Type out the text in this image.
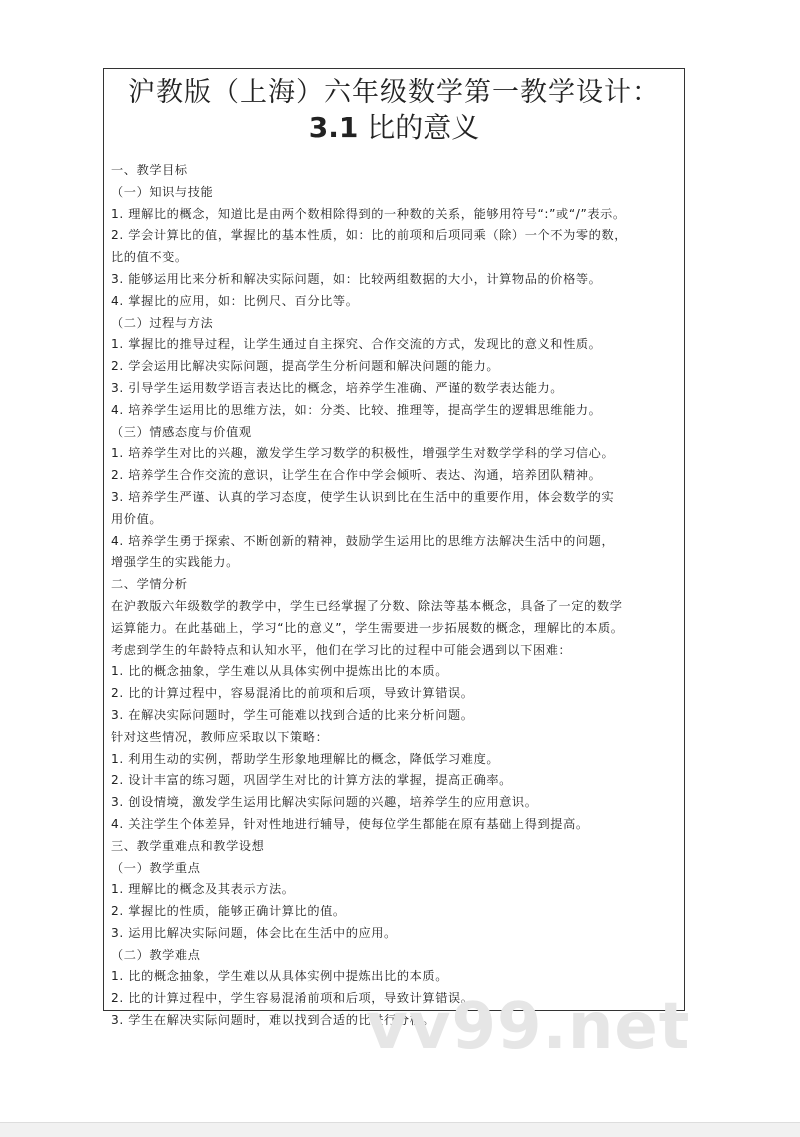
沪教版（上海）六年级数学第一教学设计：
3.1 比的意义

一、教学目标

（一）知识与技能

1. 理解比的概念，知道比是由两个数相除得到的一种数的关系，能够用符号“:”或“/”表示。

2. 学会计算比的值，掌握比的基本性质，如：比的前项和后项同乘（除）一个不为零的数，

比的值不变。

3. 能够运用比来分析和解决实际问题，如：比较两组数据的大小，计算物品的价格等。

4. 掌握比的应用，如：比例尺、百分比等。

（二）过程与方法

1. 掌握比的推导过程，让学生通过自主探究、合作交流的方式，发现比的意义和性质。

2. 学会运用比解决实际问题，提高学生分析问题和解决问题的能力。

3. 引导学生运用数学语言表达比的概念，培养学生准确、严谨的数学表达能力。

4. 培养学生运用比的思维方法，如：分类、比较、推理等，提高学生的逻辑思维能力。

（三）情感态度与价值观

1. 培养学生对比的兴趣，激发学生学习数学的积极性，增强学生对数学学科的学习信心。

2. 培养学生合作交流的意识，让学生在合作中学会倾听、表达、沟通，培养团队精神。

3. 培养学生严谨、认真的学习态度，使学生认识到比在生活中的重要作用，体会数学的实

用价值。

4. 培养学生勇于探索、不断创新的精神，鼓励学生运用比的思维方法解决生活中的问题，

增强学生的实践能力。

二、学情分析

在沪教版六年级数学的教学中，学生已经掌握了分数、除法等基本概念，具备了一定的数学

运算能力。在此基础上，学习“比的意义”，学生需要进一步拓展数的概念，理解比的本质。

考虑到学生的年龄特点和认知水平，他们在学习比的过程中可能会遇到以下困难：

1. 比的概念抽象，学生难以从具体实例中提炼出比的本质。

2. 比的计算过程中，容易混淆比的前项和后项，导致计算错误。

3. 在解决实际问题时，学生可能难以找到合适的比来分析问题。

针对这些情况，教师应采取以下策略：

1. 利用生动的实例，帮助学生形象地理解比的概念，降低学习难度。

2. 设计丰富的练习题，巩固学生对比的计算方法的掌握，提高正确率。

3. 创设情境，激发学生运用比解决实际问题的兴趣，培养学生的应用意识。

4. 关注学生个体差异，针对性地进行辅导，使每位学生都能在原有基础上得到提高。

三、教学重难点和教学设想

（一）教学重点

1. 理解比的概念及其表示方法。

2. 掌握比的性质，能够正确计算比的值。

3. 运用比解决实际问题，体会比在生活中的应用。

（二）教学难点

1. 比的概念抽象，学生难以从具体实例中提炼出比的本质。

2. 比的计算过程中，学生容易混淆前项和后项，导致计算错误。

3. 学生在解决实际问题时，难以找到合适的比进行分析。

vv99.net
